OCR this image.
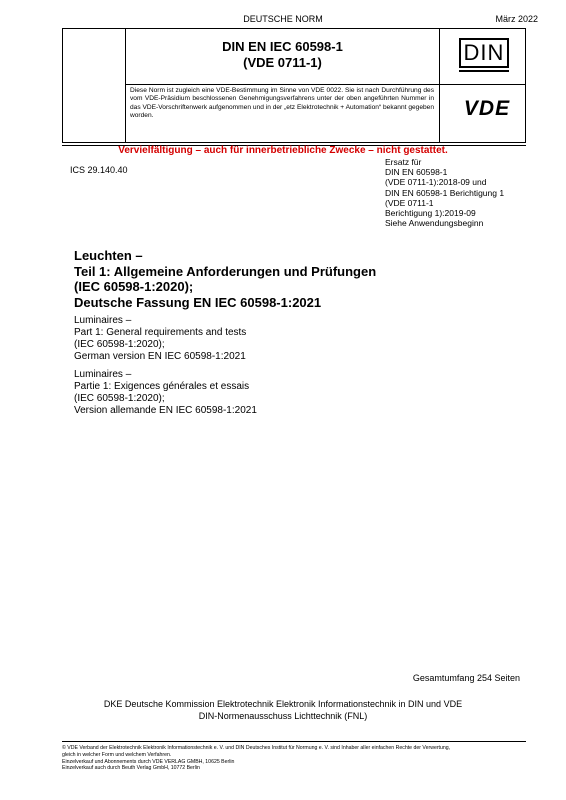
DEUTSCHE NORM	März 2022
DIN EN IEC 60598-1
(VDE 0711-1)	DIN
Diese Norm ist zugleich eine VDE-Bestimmung im Sinne von VDE 0022. Sie ist nach Durchführung des vom VDE-Präsidium beschlossenen Genehmigungsverfahrens unter der oben angeführten Nummer in das VDE-Vorschriftenwerk aufgenommen und in der „etz Elektrotechnik + Automation“ bekannt gegeben worden.	VDE
Vervielfältigung – auch für innerbetriebliche Zwecke – nicht gestattet.
ICS 29.140.40
Ersatz für
DIN EN 60598-1
(VDE 0711-1):2018-09 und
DIN EN 60598-1 Berichtigung 1
(VDE 0711-1
Berichtigung 1):2019-09
Siehe Anwendungsbeginn
Leuchten –
Teil 1: Allgemeine Anforderungen und Prüfungen
(IEC 60598-1:2020);
Deutsche Fassung EN IEC 60598-1:2021
Luminaires –
Part 1: General requirements and tests
(IEC 60598-1:2020);
German version EN IEC 60598-1:2021
Luminaires –
Partie 1: Exigences générales et essais
(IEC 60598-1:2020);
Version allemande EN IEC 60598-1:2021
Gesamtumfang 254 Seiten
DKE Deutsche Kommission Elektrotechnik Elektronik Informationstechnik in DIN und VDE
DIN-Normenausschuss Lichttechnik (FNL)
© VDE Verband der Elektrotechnik Elektronik Informationstechnik e. V. und DIN Deutsches Institut für Normung e. V. sind Inhaber aller einfachen Rechte der Verwertung,
gleich in welcher Form und welchem Verfahren.
Einzelverkauf und Abonnements durch VDE VERLAG GMBH, 10625 Berlin
Einzelverkauf auch durch Beuth Verlag GmbH, 10772 Berlin
